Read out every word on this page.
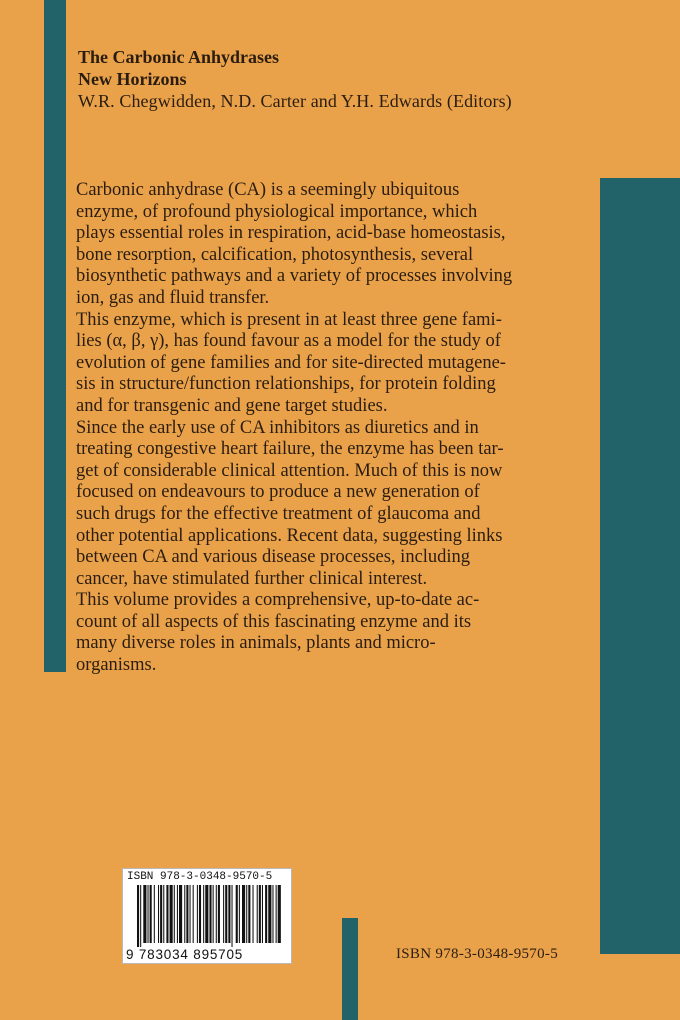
The Carbonic Anhydrases

New Horizons

W.R. Chegwidden, N.D. Carter and Y.H. Edwards (Editors)

Carbonic anhydrase (CA) is a seemingly ubiquitous
enzyme, of profound physiological importance, which
plays essential roles in respiration, acid-base homeostasis,
bone resorption, calcification, photosynthesis, several
biosynthetic pathways and a variety of processes involving
ion, gas and fluid transfer.
This enzyme, which is present in at least three gene fami-
lies (α, β, γ), has found favour as a model for the study of
evolution of gene families and for site-directed mutagene-
sis in structure/function relationships, for protein folding
and for transgenic and gene target studies.
Since the early use of CA inhibitors as diuretics and in
treating congestive heart failure, the enzyme has been tar-
get of considerable clinical attention. Much of this is now
focused on endeavours to produce a new generation of
such drugs for the effective treatment of glaucoma and
other potential applications. Recent data, suggesting links
between CA and various disease processes, including
cancer, have stimulated further clinical interest.
This volume provides a comprehensive, up-to-date ac-
count of all aspects of this fascinating enzyme and its
many diverse roles in animals, plants and micro-
organisms.
ISBN 978-3-0348-9570-5
9 783034 895705	ISBN 978-3-0348-9570-5
